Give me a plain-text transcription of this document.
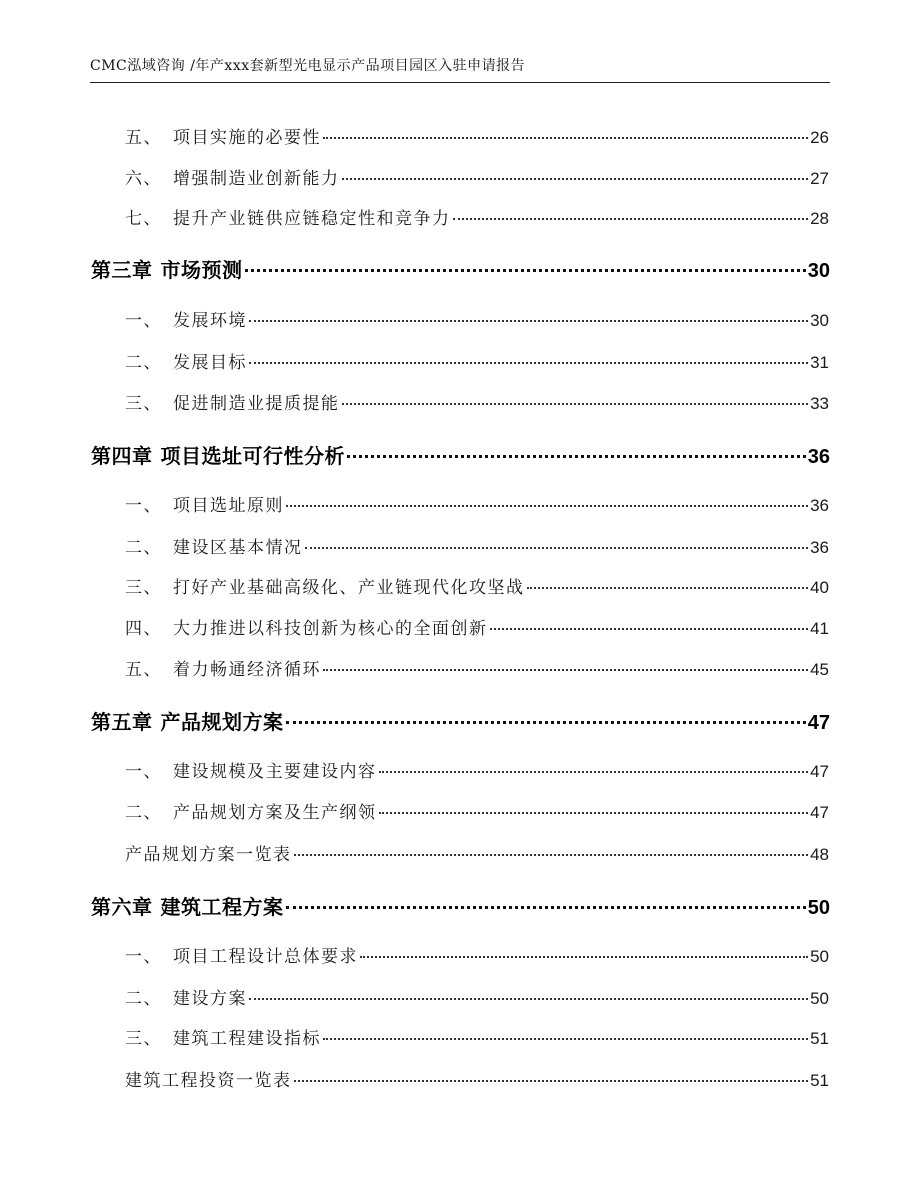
CMC泓域咨询 /年产xxx套新型光电显示产品项目园区入驻申请报告
五、 项目实施的必要性	26
六、 增强制造业创新能力	27
七、 提升产业链供应链稳定性和竞争力	28
第三章 市场预测	30
一、 发展环境	30
二、 发展目标	31
三、 促进制造业提质提能	33
第四章 项目选址可行性分析	36
一、 项目选址原则	36
二、 建设区基本情况	36
三、 打好产业基础高级化、产业链现代化攻坚战	40
四、 大力推进以科技创新为核心的全面创新	41
五、 着力畅通经济循环	45
第五章 产品规划方案	47
一、 建设规模及主要建设内容	47
二、 产品规划方案及生产纲领	47
产品规划方案一览表	48
第六章 建筑工程方案	50
一、 项目工程设计总体要求	50
二、 建设方案	50
三、 建筑工程建设指标	51
建筑工程投资一览表	51
